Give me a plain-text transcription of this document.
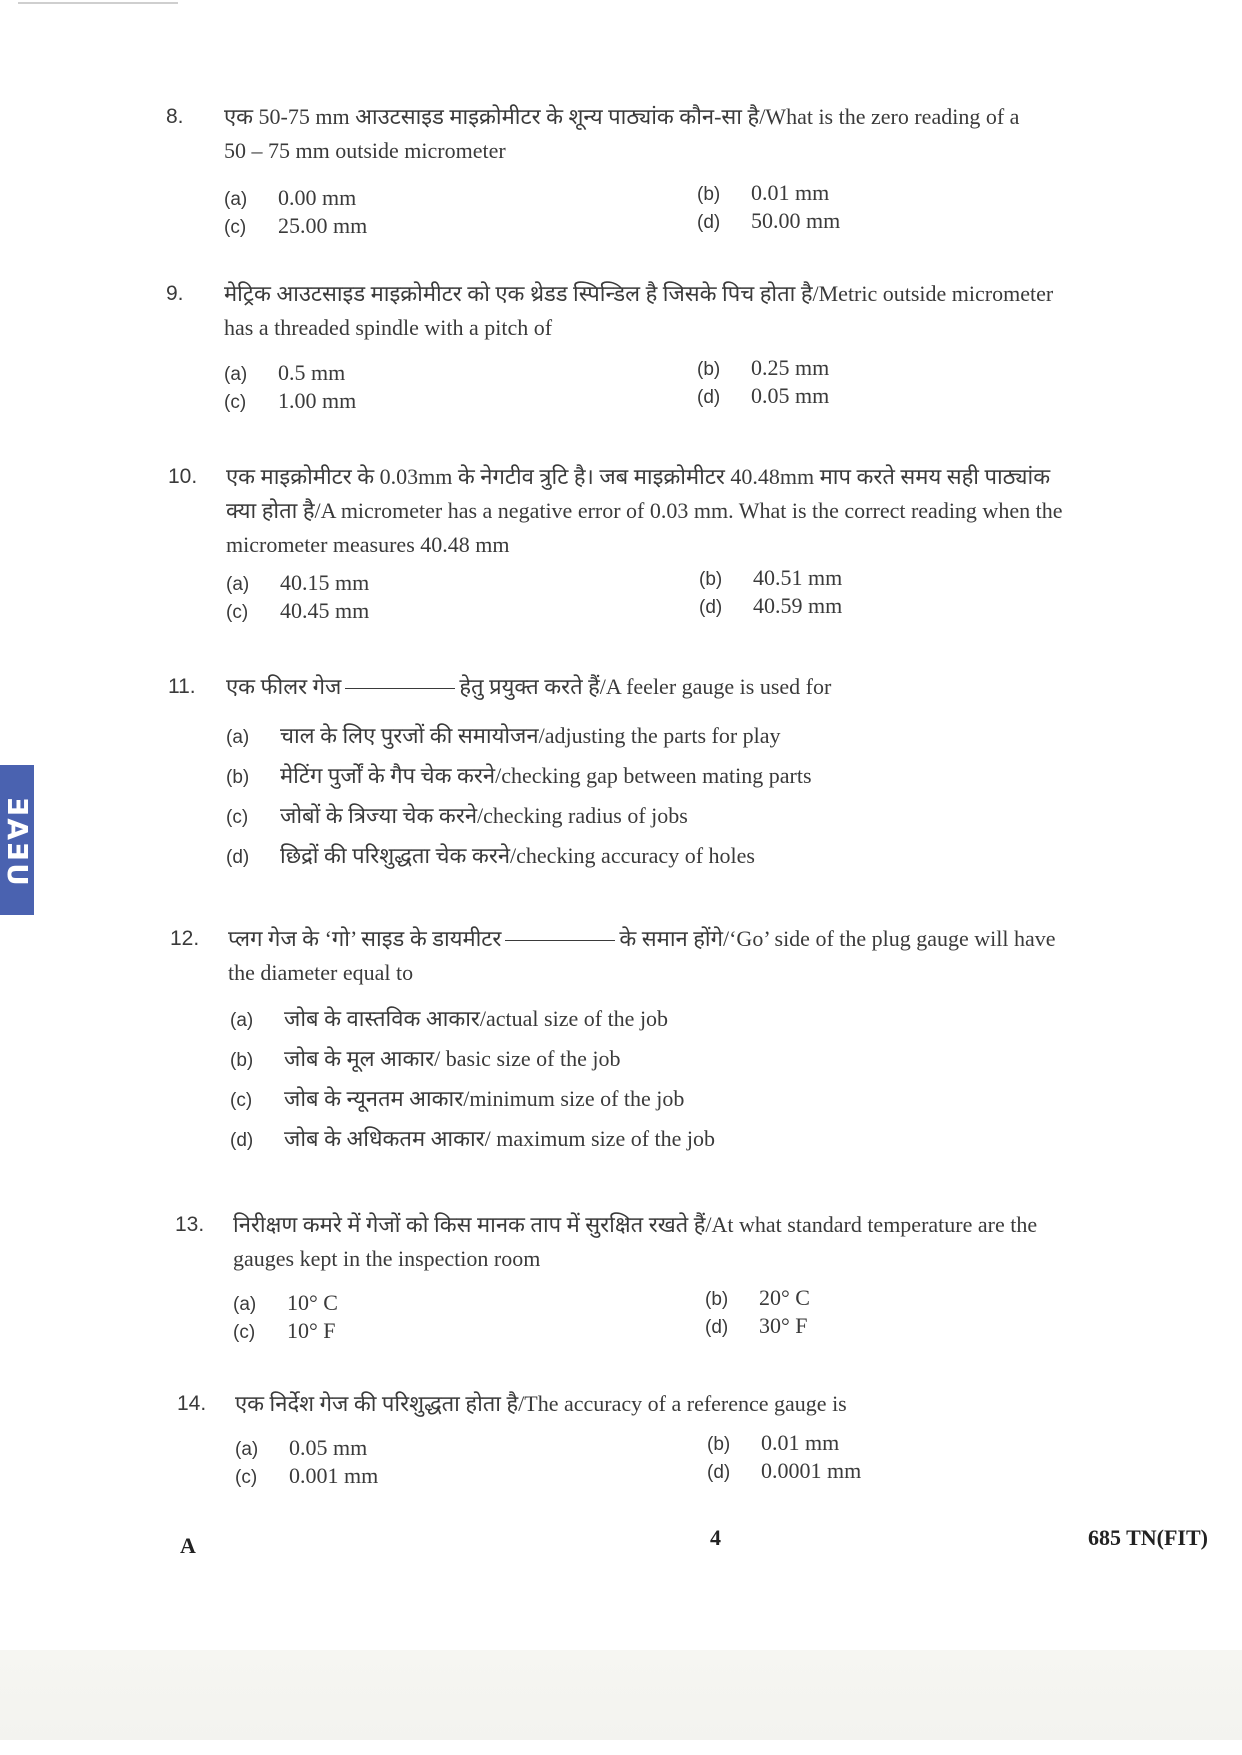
UEAE
8.	एक 50-75 mm आउटसाइड माइक्रोमीटर के शून्य पाठ्यांक कौन-सा है/What is the zero reading of a
50 – 75 mm outside micrometer
(a) 0.00 mm	(b) 0.01 mm
(c) 25.00 mm	(d) 50.00 mm
9.	मेट्रिक आउटसाइड माइक्रोमीटर को एक थ्रेडड स्पिन्डिल है जिसके पिच होता है/Metric outside micrometer
has a threaded spindle with a pitch of
(a) 0.5 mm	(b) 0.25 mm
(c) 1.00 mm	(d) 0.05 mm
10.	एक माइक्रोमीटर के 0.03mm के नेगटीव त्रुटि है। जब माइक्रोमीटर 40.48mm माप करते समय सही पाठ्यांक
क्या होता है/A micrometer has a negative error of 0.03 mm. What is the correct reading when the
micrometer measures 40.48 mm
(a) 40.15 mm	(b) 40.51 mm
(c) 40.45 mm	(d) 40.59 mm
11.	एक फीलर गेज	हेतु प्रयुक्त करते हैं/A feeler gauge is used for
(a) चाल के लिए पुरजों की समायोजन/adjusting the parts for play
(b) मेटिंग पुर्जों के गैप चेक करने/checking gap between mating parts
(c) जोबों के त्रिज्या चेक करने/checking radius of jobs
(d) छिद्रों की परिशुद्धता चेक करने/checking accuracy of holes
12.	प्लग गेज के ‘गो’ साइड के डायमीटर	के समान होंगे/‘Go’ side of the plug gauge will have
the diameter equal to
(a) जोब के वास्तविक आकार/actual size of the job
(b) जोब के मूल आकार/ basic size of the job
(c) जोब के न्यूनतम आकार/minimum size of the job
(d) जोब के अधिकतम आकार/ maximum size of the job
13.	निरीक्षण कमरे में गेजों को किस मानक ताप में सुरक्षित रखते हैं/At what standard temperature are the
gauges kept in the inspection room
(a) 10° C	(b) 20° C
(c) 10° F	(d) 30° F
14.	एक निर्देश गेज की परिशुद्धता होता है/The accuracy of a reference gauge is
(a) 0.05 mm	(b) 0.01 mm
(c) 0.001 mm	(d) 0.0001 mm
A	4	685 TN(FIT)
